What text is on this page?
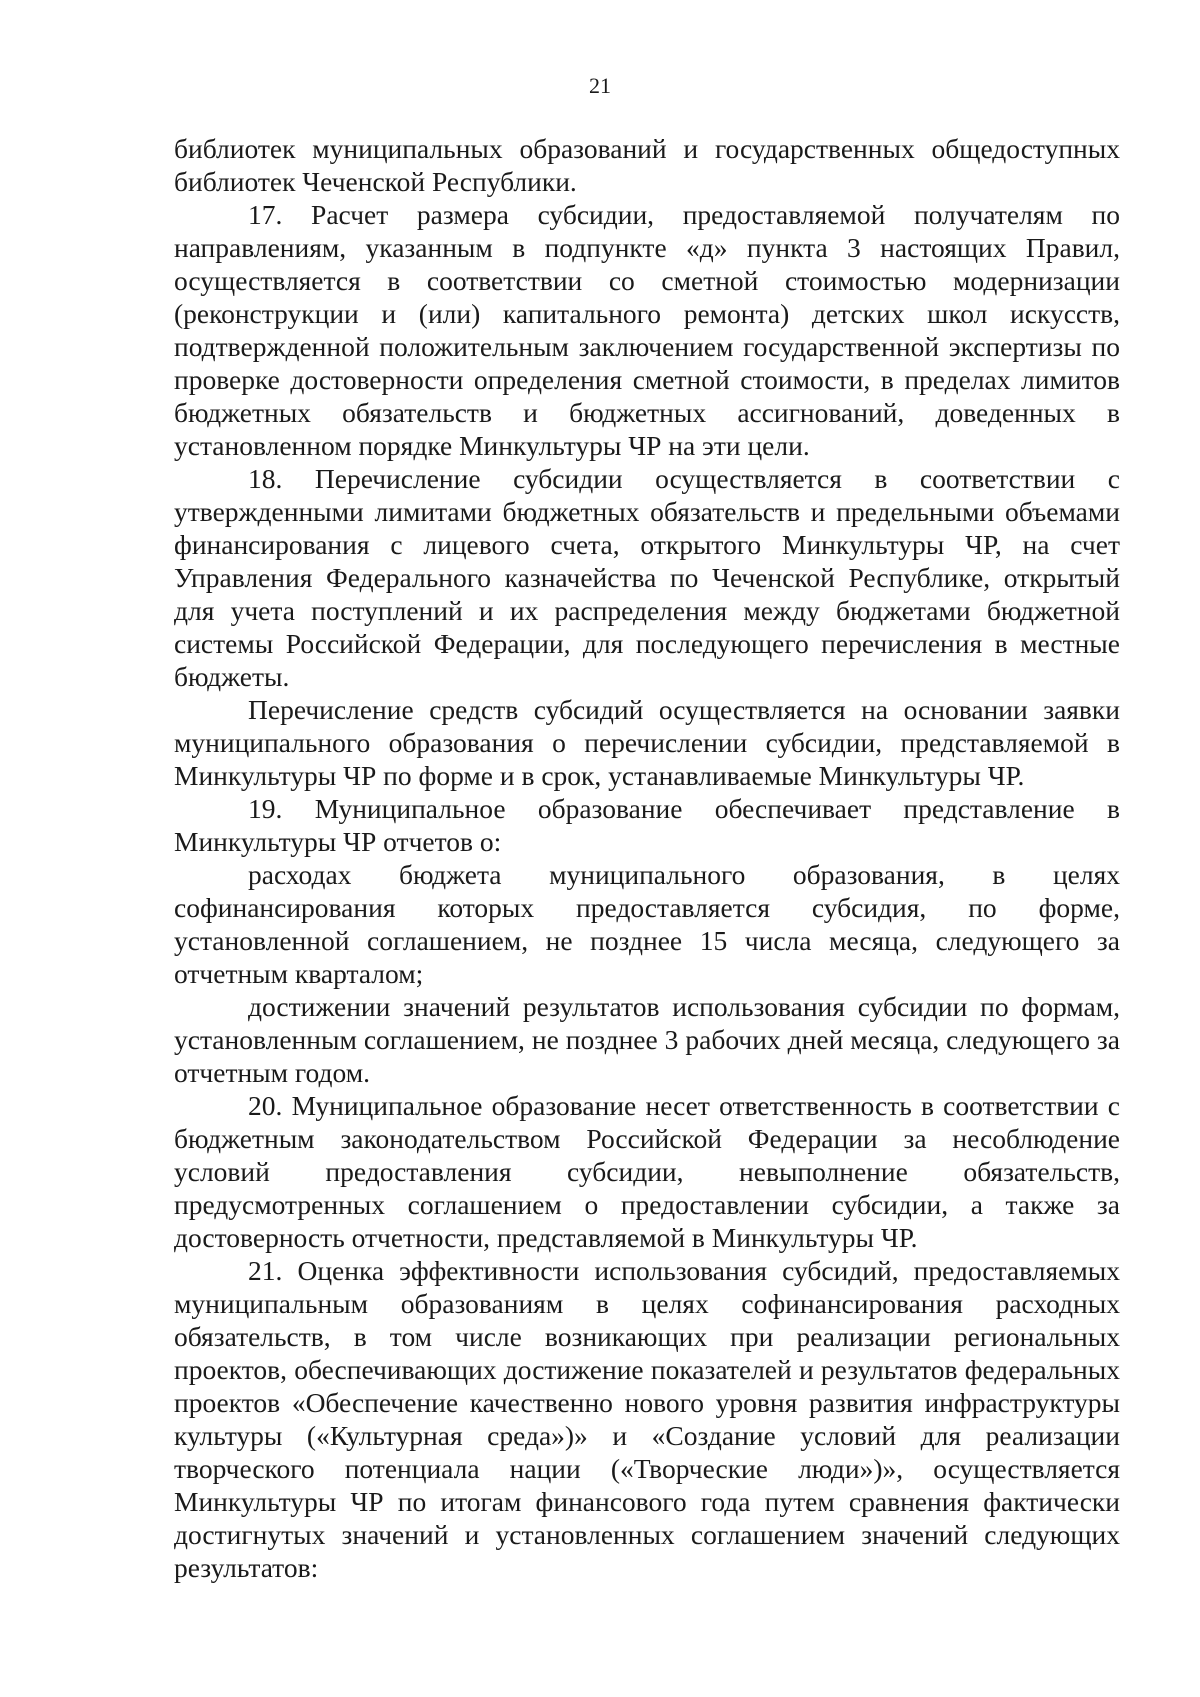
21

библиотек муниципальных образований и государственных общедоступных библиотек Чеченской Республики.

17. Расчет размера субсидии, предоставляемой получателям по направлениям, указанным в подпункте «д» пункта 3 настоящих Правил, осуществляется в соответствии со сметной стоимостью модернизации (реконструкции и (или) капитального ремонта) детских школ искусств, подтвержденной положительным заключением государственной экспертизы по проверке достоверности определения сметной стоимости, в пределах лимитов бюджетных обязательств и бюджетных ассигнований, доведенных в установленном порядке Минкультуры ЧР на эти цели.

18. Перечисление субсидии осуществляется в соответствии с утвержденными лимитами бюджетных обязательств и предельными объемами финансирования с лицевого счета, открытого Минкультуры ЧР, на счет Управления Федерального казначейства по Чеченской Республике, открытый для учета поступлений и их распределения между бюджетами бюджетной системы Российской Федерации, для последующего перечисления в местные бюджеты.

Перечисление средств субсидий осуществляется на основании заявки муниципального образования о перечислении субсидии, представляемой в Минкультуры ЧР по форме и в срок, устанавливаемые Минкультуры ЧР.

19. Муниципальное образование обеспечивает представление в Минкультуры ЧР отчетов о:

расходах бюджета муниципального образования, в целях софинансирования которых предоставляется субсидия, по форме, установленной соглашением, не позднее 15 числа месяца, следующего за отчетным кварталом;

достижении значений результатов использования субсидии по формам, установленным соглашением, не позднее 3 рабочих дней месяца, следующего за отчетным годом.

20. Муниципальное образование несет ответственность в соответствии с бюджетным законодательством Российской Федерации за несоблюдение условий предоставления субсидии, невыполнение обязательств, предусмотренных соглашением о предоставлении субсидии, а также за достоверность отчетности, представляемой в Минкультуры ЧР.

21. Оценка эффективности использования субсидий, предоставляемых муниципальным образованиям в целях софинансирования расходных обязательств, в том числе возникающих при реализации региональных проектов, обеспечивающих достижение показателей и результатов федеральных проектов «Обеспечение качественно нового уровня развития инфраструктуры культуры («Культурная среда»)» и «Создание условий для реализации творческого потенциала нации («Творческие люди»)», осуществляется Минкультуры ЧР по итогам финансового года путем сравнения фактически достигнутых значений и установленных соглашением значений следующих результатов:
